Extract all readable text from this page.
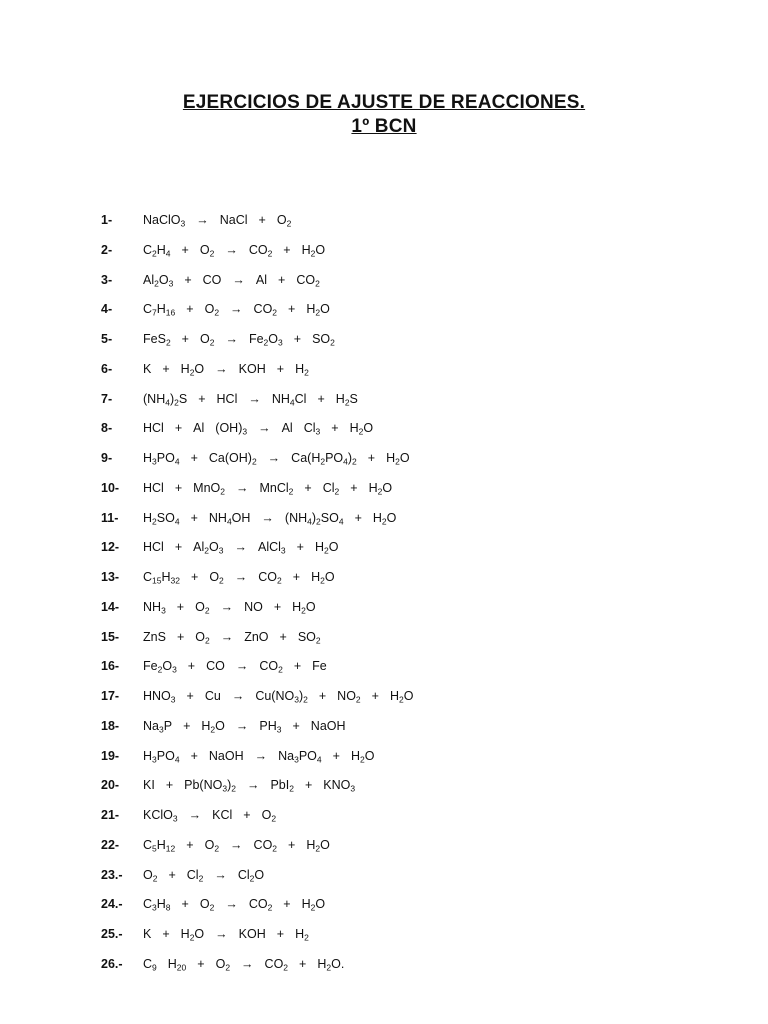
EJERCICIOS DE AJUSTE DE REACCIONES.
1º BCN
1- NaClO$_3$ → NaCl + $O_2$
2- $C_2H_4 + O_2 \to CO_2 + H_2O$
3- $Al_2O_3$ + CO → $Al + CO_2$
4- $C_7H_{16} + O_2 \to CO_2 + H_2O$
5- $FeS_2 + O_2 \to Fe_2O_3 + SO_2$
6- $K + H_2O$ → KOH + $H_2$
7- $(NH_4)_2S$ + HCl → $NH_4Cl + H_2S$
8- HCl + Al $(OH)_3 \to Al$ $Cl_3 + H_2O$
9- $H_3PO_4 + Ca(OH)_2 \to Ca(H_2PO_4)_2 + H_2O$
10- HCl + MnO$_2$ → MnCl$_2$ + $Cl_2 + H_2O$
11- $H_2SO_4 + NH_4OH \to (NH_4)_2SO_4 + H_2O$
12- HCl + $Al_2O_3$ → AlCl$_3$ + $H_2O$
13- $C_{15}H_{32} + O_2 \to CO_2 + H_2O$
14- $NH_3 + O_2$ → NO + $H_2O$
15- ZnS + $O_2$ → ZnO + $SO_2$
16- $Fe_2O_3$ + CO → $CO_2 + Fe$
17- $HNO_3 + Cu \to Cu(NO_3)_2 + NO_2 + H_2O$
18- $Na_3P + H_2O \to PH_3$ + NaOH
19- $H_3PO_4$ + NaOH → $Na_3PO_4 + H_2O$
20- KI + $Pb(NO_3)_2 \to PbI_2 + KNO_3$
21- KClO$_3$ → KCl + $O_2$
22- $C_5H_{12} + O_2 \to CO_2 + H_2O$
23.- $O_2 + Cl_2 \to Cl_2O$
24.- $C_3H_8 + O_2 \to CO_2 + H_2O$
25.- $K + H_2O$ → KOH + $H_2$
26.- $C_9$ $H_{20} + O_2 \to CO_2 + H_2O$.
